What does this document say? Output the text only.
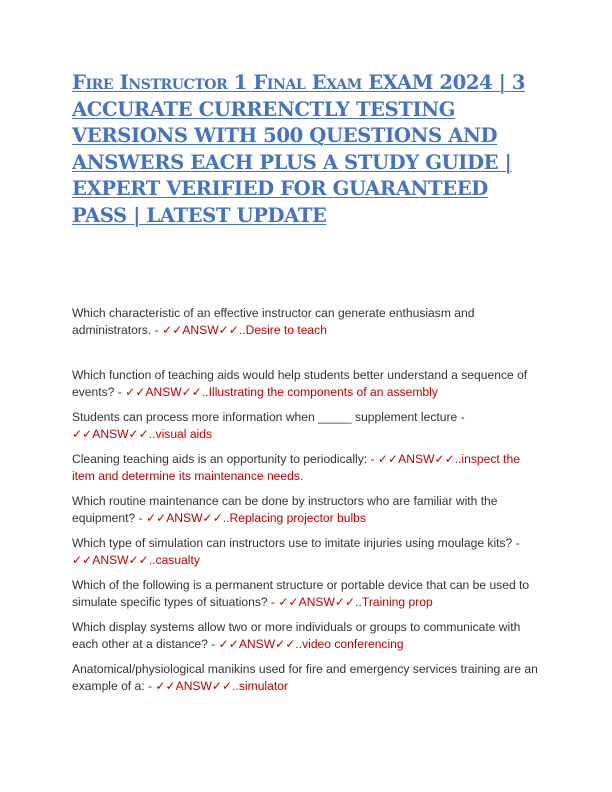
Fire Instructor 1 Final Exam EXAM 2024 | 3 ACCURATE CURRENCTLY TESTING VERSIONS WITH 500 QUESTIONS AND ANSWERS EACH PLUS A STUDY GUIDE | EXPERT VERIFIED FOR GUARANTEED PASS | LATEST UPDATE

Which characteristic of an effective instructor can generate enthusiasm and administrators. - ✓✓ANSW✓✓..Desire to teach

Which function of teaching aids would help students better understand a sequence of events? - ✓✓ANSW✓✓..Illustrating the components of an assembly

Students can process more information when _____ supplement lecture - ✓✓ANSW✓✓..visual aids

Cleaning teaching aids is an opportunity to periodically: - ✓✓ANSW✓✓..inspect the item and determine its maintenance needs.

Which routine maintenance can be done by instructors who are familiar with the equipment? - ✓✓ANSW✓✓..Replacing projector bulbs

Which type of simulation can instructors use to imitate injuries using moulage kits? - ✓✓ANSW✓✓..casualty

Which of the following is a permanent structure or portable device that can be used to simulate specific types of situations? - ✓✓ANSW✓✓..Training prop

Which display systems allow two or more individuals or groups to communicate with each other at a distance? - ✓✓ANSW✓✓..video conferencing

Anatomical/physiological manikins used for fire and emergency services training are an example of a: - ✓✓ANSW✓✓..simulator
